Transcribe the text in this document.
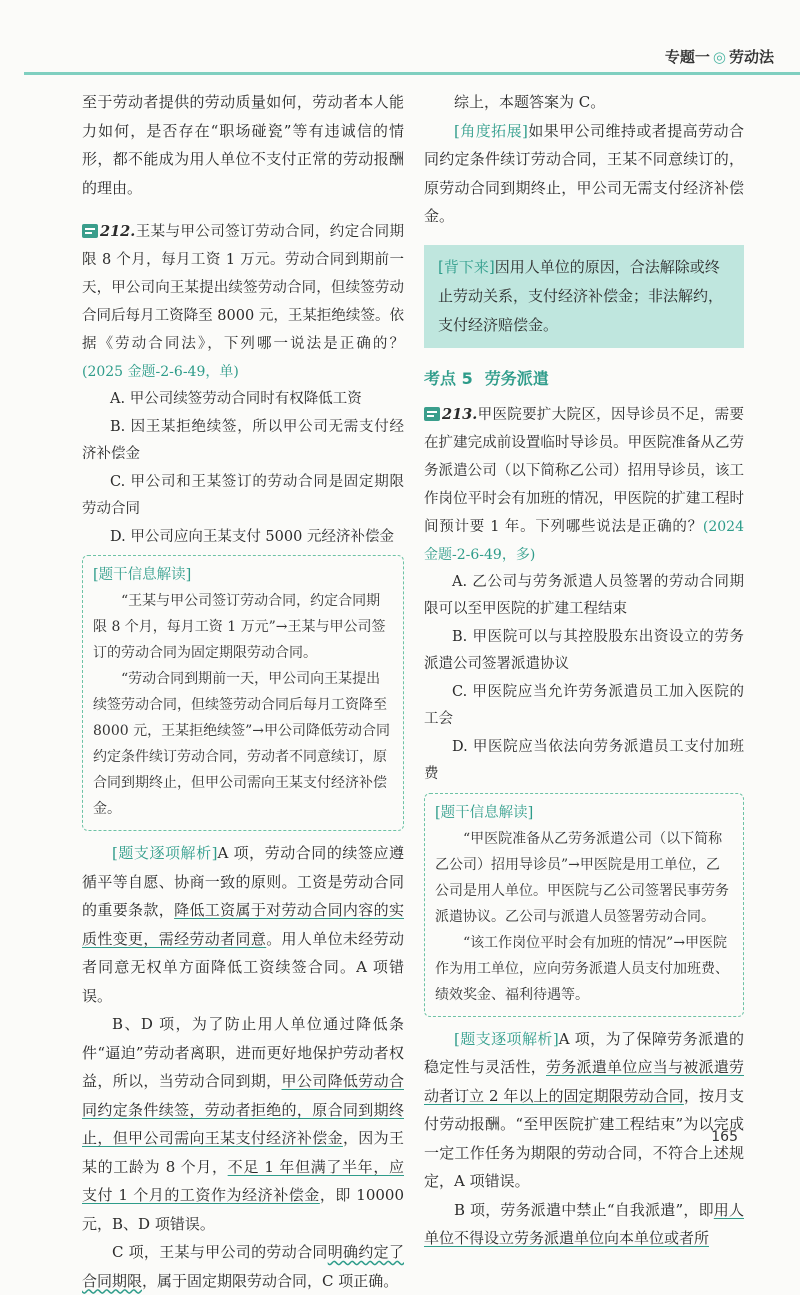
专题一 ◎ 劳动法

至于劳动者提供的劳动质量如何，劳动者本人能力如何，是否存在“职场碰瓷”等有违诚信的情形，都不能成为用人单位不支付正常的劳动报酬的理由。

212.王某与甲公司签订劳动合同，约定合同期限 8 个月，每月工资 1 万元。劳动合同到期前一天，甲公司向王某提出续签劳动合同，但续签劳动合同后每月工资降至 8000 元，王某拒绝续签。依据《劳动合同法》，下列哪一说法是正确的？(2025 金题-2-6-49，单)

A. 甲公司续签劳动合同时有权降低工资

B. 因王某拒绝续签，所以甲公司无需支付经济补偿金

C. 甲公司和王某签订的劳动合同是固定期限劳动合同

D. 甲公司应向王某支付 5000 元经济补偿金

[题干信息解读]

“王某与甲公司签订劳动合同，约定合同期限 8 个月，每月工资 1 万元”→王某与甲公司签订的劳动合同为固定期限劳动合同。

“劳动合同到期前一天，甲公司向王某提出续签劳动合同，但续签劳动合同后每月工资降至 8000 元，王某拒绝续签”→甲公司降低劳动合同约定条件续订劳动合同，劳动者不同意续订，原合同到期终止，但甲公司需向王某支付经济补偿金。

[题支逐项解析]A 项，劳动合同的续签应遵循平等自愿、协商一致的原则。工资是劳动合同的重要条款，降低工资属于对劳动合同内容的实质性变更，需经劳动者同意。用人单位未经劳动者同意无权单方面降低工资续签合同。A 项错误。

B、D 项，为了防止用人单位通过降低条件“逼迫”劳动者离职，进而更好地保护劳动者权益，所以，当劳动合同到期，甲公司降低劳动合同约定条件续签，劳动者拒绝的，原合同到期终止，但甲公司需向王某支付经济补偿金，因为王某的工龄为 8 个月，不足 1 年但满了半年，应支付 1 个月的工资作为经济补偿金，即 10000 元，B、D 项错误。

C 项，王某与甲公司的劳动合同明确约定了合同期限，属于固定期限劳动合同，C 项正确。

综上，本题答案为 C。

[角度拓展]如果甲公司维持或者提高劳动合同约定条件续订劳动合同，王某不同意续订的，原劳动合同到期终止，甲公司无需支付经济补偿金。

[背下来]因用人单位的原因，合法解除或终止劳动关系，支付经济补偿金；非法解约，支付经济赔偿金。
考点 5 劳务派遣

213.甲医院要扩大院区，因导诊员不足，需要在扩建完成前设置临时导诊员。甲医院准备从乙劳务派遣公司（以下简称乙公司）招用导诊员，该工作岗位平时会有加班的情况，甲医院的扩建工程时间预计要 1 年。下列哪些说法是正确的？(2024 金题-2-6-49，多)

A. 乙公司与劳务派遣人员签署的劳动合同期限可以至甲医院的扩建工程结束

B. 甲医院可以与其控股股东出资设立的劳务派遣公司签署派遣协议

C. 甲医院应当允许劳务派遣员工加入医院的工会

D. 甲医院应当依法向劳务派遣员工支付加班费

[题干信息解读]

“甲医院准备从乙劳务派遣公司（以下简称乙公司）招用导诊员”→甲医院是用工单位，乙公司是用人单位。甲医院与乙公司签署民事劳务派遣协议。乙公司与派遣人员签署劳动合同。

“该工作岗位平时会有加班的情况”→甲医院作为用工单位，应向劳务派遣人员支付加班费、绩效奖金、福利待遇等。

[题支逐项解析]A 项，为了保障劳务派遣的稳定性与灵活性，劳务派遣单位应当与被派遣劳动者订立 2 年以上的固定期限劳动合同，按月支付劳动报酬。“至甲医院扩建工程结束”为以完成一定工作任务为期限的劳动合同，不符合上述规定，A 项错误。

B 项，劳务派遣中禁止“自我派遣”，即用人单位不得设立劳务派遣单位向本单位或者所

165
